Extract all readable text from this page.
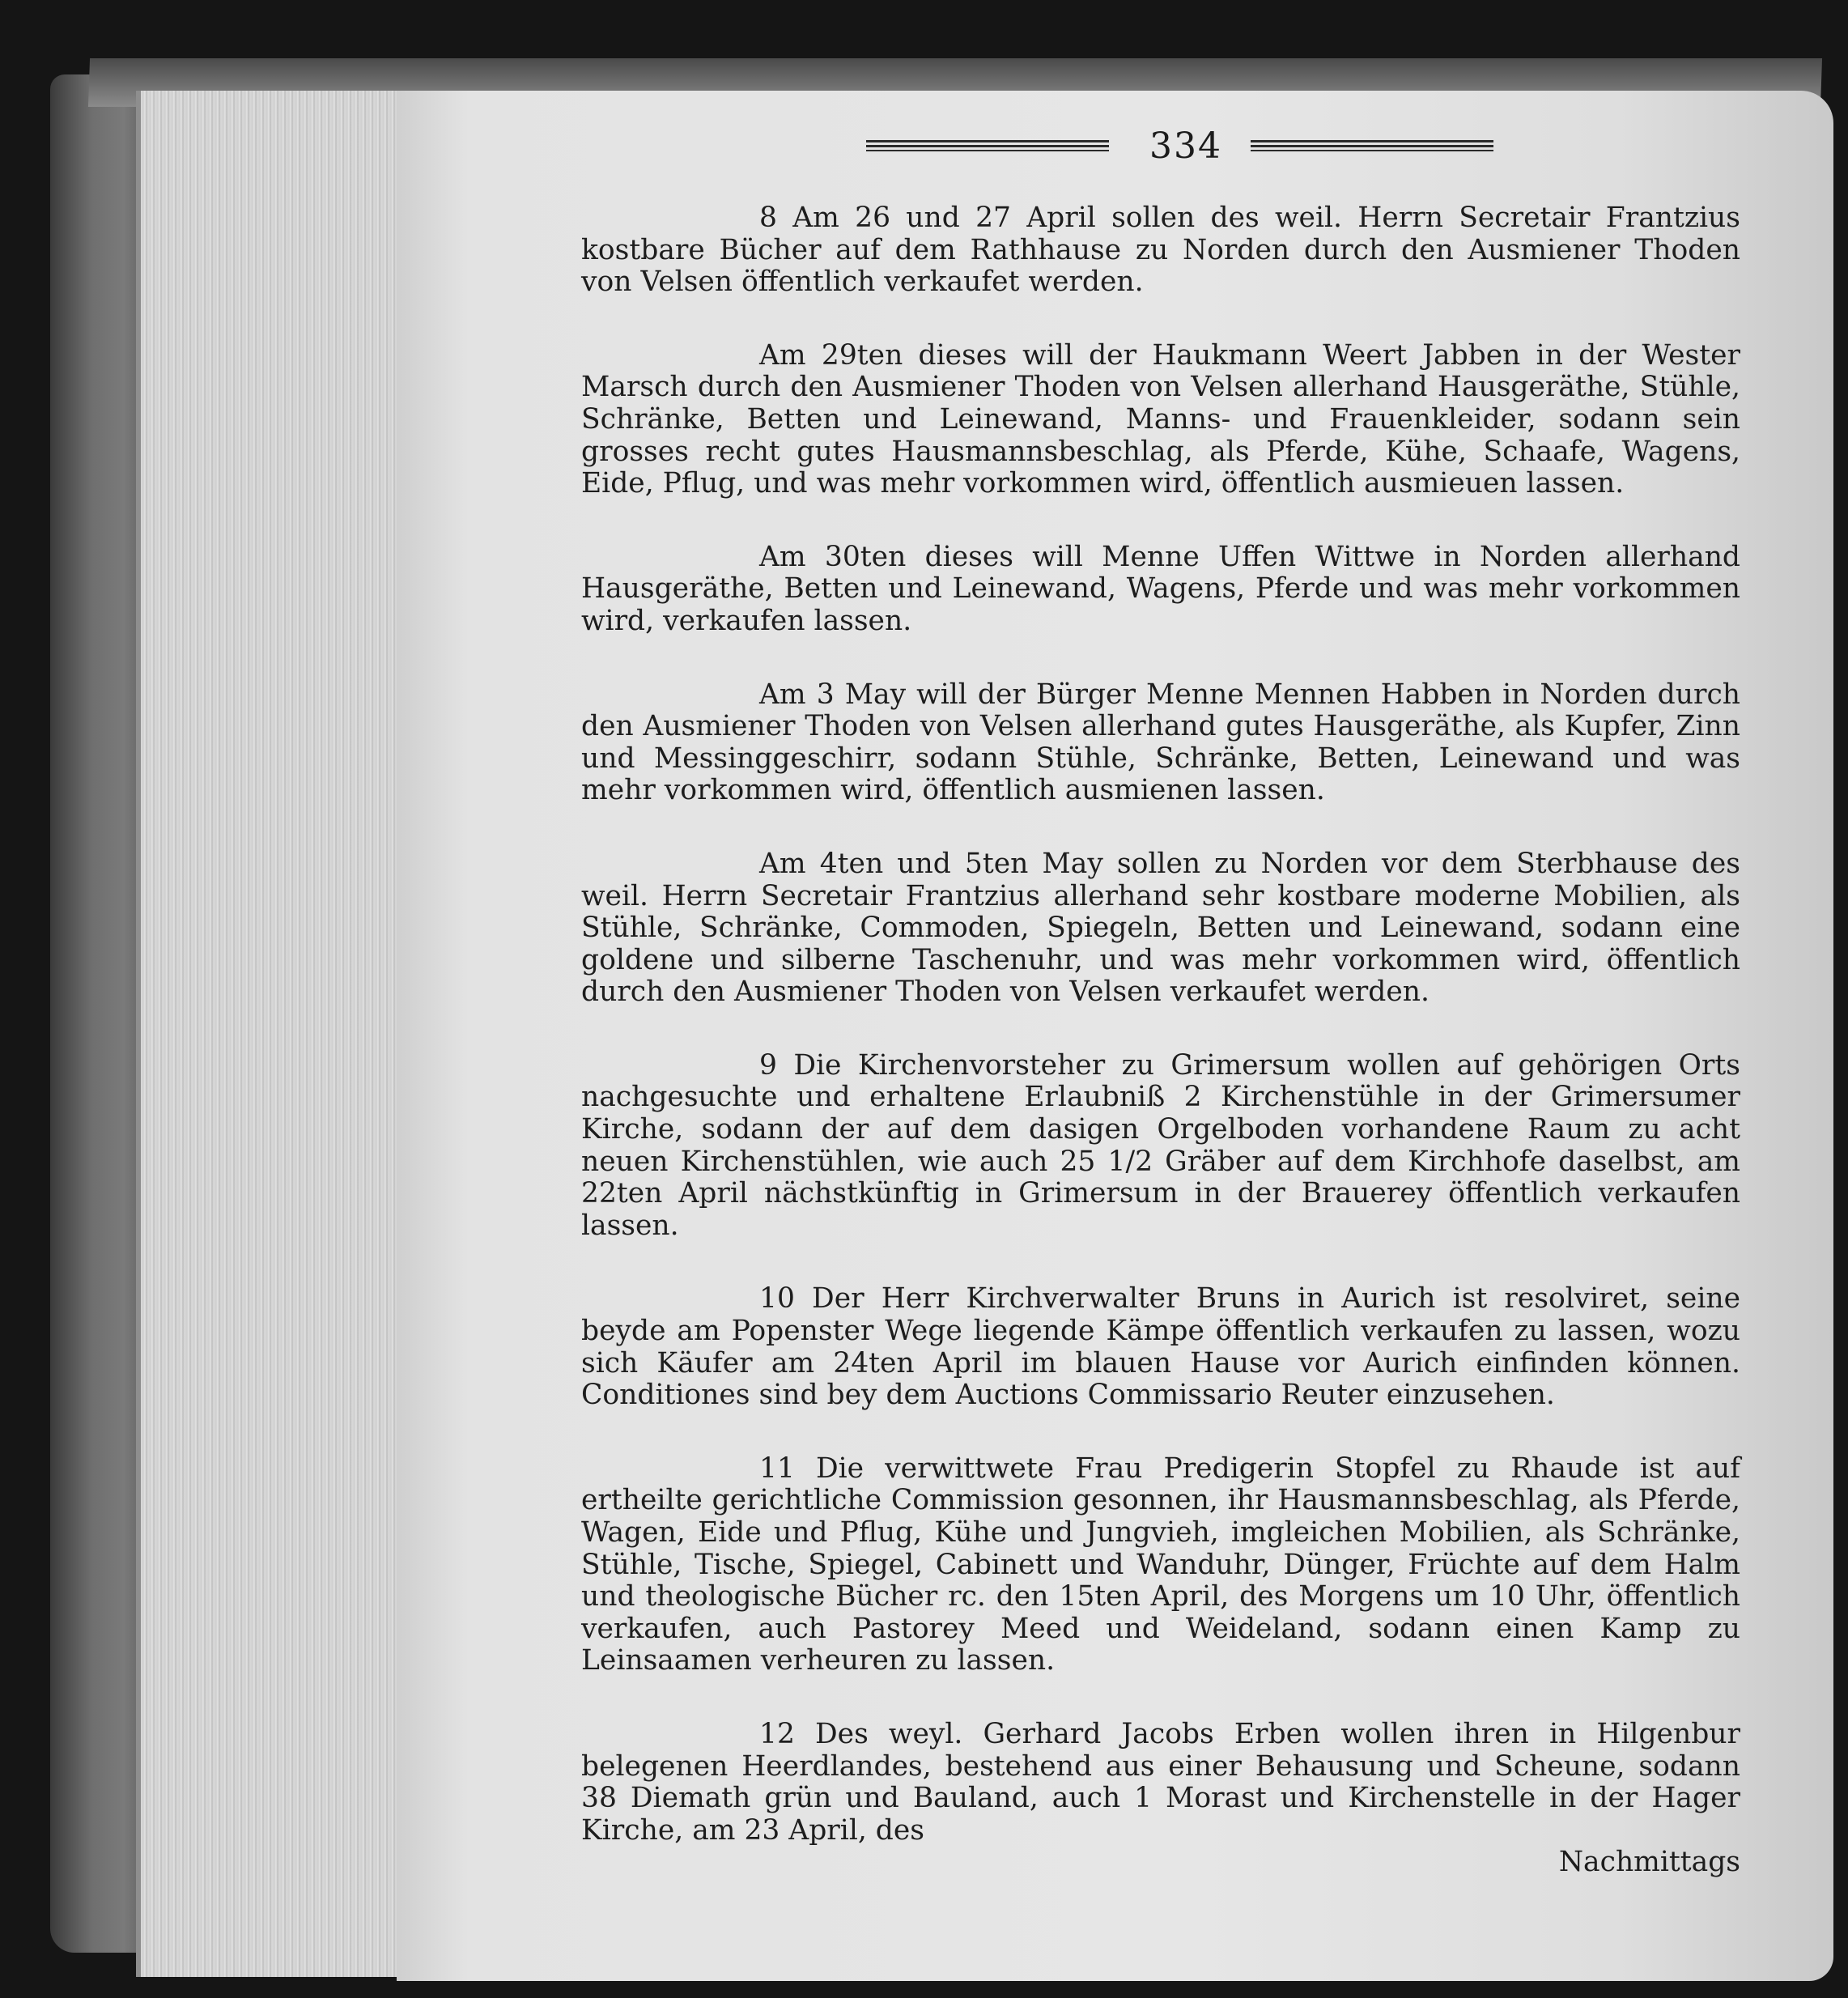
334

8 Am 26 und 27 April sollen des weil. Herrn Secretair Frantzius kostbare Bücher auf dem Rathhause zu Norden durch den Ausmiener Thoden von Velsen öffentlich verkaufet werden.

Am 29ten dieses will der Haukmann Weert Jabben in der Wester Marsch durch den Ausmiener Thoden von Velsen allerhand Hausgeräthe, Stühle, Schränke, Betten und Leinewand, Manns- und Frauenkleider, sodann sein grosses recht gutes Hausmannsbeschlag, als Pferde, Kühe, Schaafe, Wagens, Eide, Pflug, und was mehr vorkommen wird, öffentlich ausmieuen lassen.

Am 30ten dieses will Menne Uffen Wittwe in Norden allerhand Hausgeräthe, Betten und Leinewand, Wagens, Pferde und was mehr vorkommen wird, verkaufen lassen.

Am 3 May will der Bürger Menne Mennen Habben in Norden durch den Ausmiener Thoden von Velsen allerhand gutes Hausgeräthe, als Kupfer, Zinn und Messinggeschirr, sodann Stühle, Schränke, Betten, Leinewand und was mehr vorkommen wird, öffentlich ausmienen lassen.

Am 4ten und 5ten May sollen zu Norden vor dem Sterbhause des weil. Herrn Secretair Frantzius allerhand sehr kostbare moderne Mobilien, als Stühle, Schränke, Commoden, Spiegeln, Betten und Leinewand, sodann eine goldene und silberne Taschenuhr, und was mehr vorkommen wird, öffentlich durch den Ausmiener Thoden von Velsen verkaufet werden.

9 Die Kirchenvorsteher zu Grimersum wollen auf gehörigen Orts nachgesuchte und erhaltene Erlaubniß 2 Kirchenstühle in der Grimersumer Kirche, sodann der auf dem dasigen Orgelboden vorhandene Raum zu acht neuen Kirchenstühlen, wie auch 25 1/2 Gräber auf dem Kirchhofe daselbst, am 22ten April nächstkünftig in Grimersum in der Brauerey öffentlich verkaufen lassen.

10 Der Herr Kirchverwalter Bruns in Aurich ist resolviret, seine beyde am Popenster Wege liegende Kämpe öffentlich verkaufen zu lassen, wozu sich Käufer am 24ten April im blauen Hause vor Aurich einfinden können. Conditiones sind bey dem Auctions Commissario Reuter einzusehen.

11 Die verwittwete Frau Predigerin Stopfel zu Rhaude ist auf ertheilte gerichtliche Commission gesonnen, ihr Hausmannsbeschlag, als Pferde, Wagen, Eide und Pflug, Kühe und Jungvieh, imgleichen Mobilien, als Schränke, Stühle, Tische, Spiegel, Cabinett und Wanduhr, Dünger, Früchte auf dem Halm und theologische Bücher rc. den 15ten April, des Morgens um 10 Uhr, öffentlich verkaufen, auch Pastorey Meed und Weideland, sodann einen Kamp zu Leinsaamen verheuren zu lassen.

12 Des weyl. Gerhard Jacobs Erben wollen ihren in Hilgenbur belegenen Heerdlandes, bestehend aus einer Behausung und Scheune, sodann 38 Diemath grün und Bauland, auch 1 Morast und Kirchenstelle in der Hager Kirche, am 23 April, des

Nachmittags
